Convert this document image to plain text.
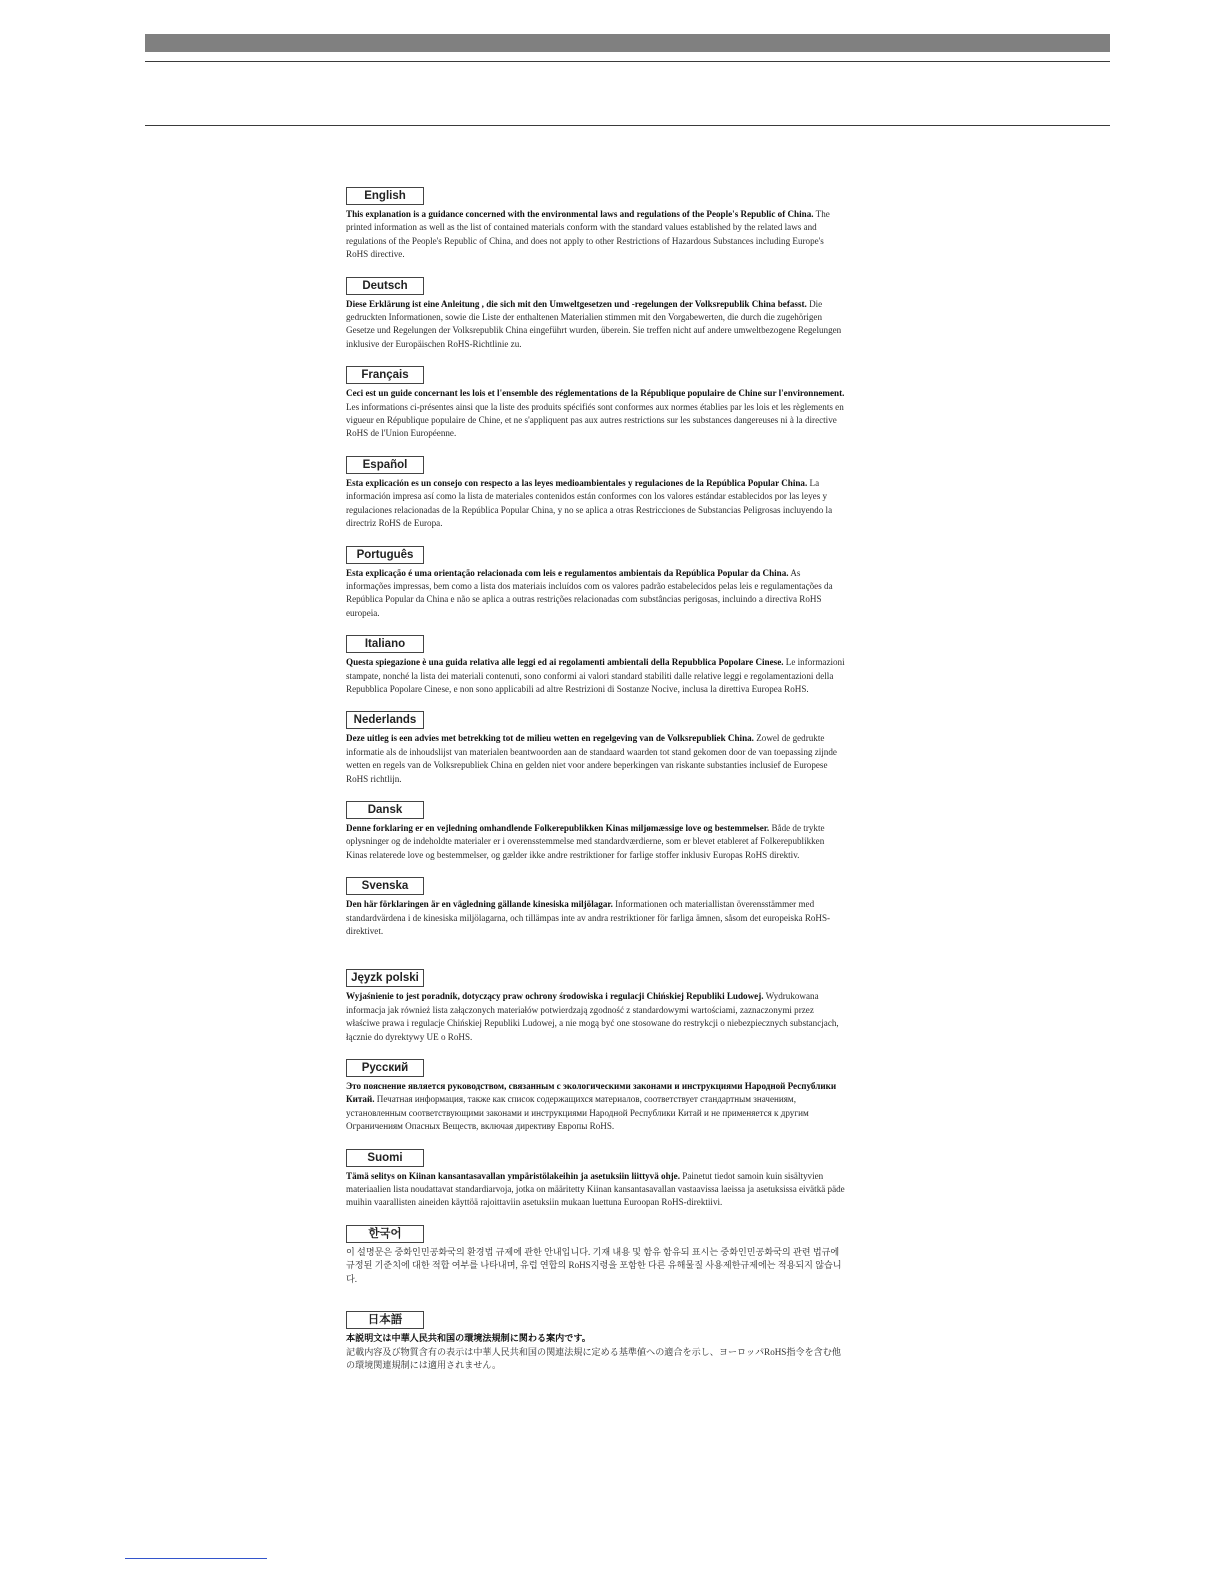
English

This explanation is a guidance concerned with the environmental laws and regulations of the People's Republic of China. The printed information as well as the list of contained materials conform with the standard values established by the related laws and regulations of the People's Republic of China, and does not apply to other Restrictions of Hazardous Substances including Europe's RoHS directive.

Deutsch

Diese Erklärung ist eine Anleitung , die sich mit den Umweltgesetzen und -regelungen der Volksrepublik China befasst. Die gedruckten Informationen, sowie die Liste der enthaltenen Materialien stimmen mit den Vorgabewerten, die durch die zugehörigen Gesetze und Regelungen der Volksrepublik China eingeführt wurden, überein. Sie treffen nicht auf andere umweltbezogene Regelungen inklusive der Europäischen RoHS-Richtlinie zu.

Français

Ceci est un guide concernant les lois et l'ensemble des réglementations de la République populaire de Chine sur l'environnement. Les informations ci-présentes ainsi que la liste des produits spécifiés sont conformes aux normes établies par les lois et les règlements en vigueur en République populaire de Chine, et ne s'appliquent pas aux autres restrictions sur les substances dangereuses ni à la directive RoHS de l'Union Européenne.

Español

Esta explicación es un consejo con respecto a las leyes medioambientales y regulaciones de la República Popular China. La información impresa así como la lista de materiales contenidos están conformes con los valores estándar establecidos por las leyes y regulaciones relacionadas de la República Popular China, y no se aplica a otras Restricciones de Substancias Peligrosas incluyendo la directriz RoHS de Europa.

Português

Esta explicação é uma orientação relacionada com leis e regulamentos ambientais da República Popular da China. As informações impressas, bem como a lista dos materiais incluídos com os valores padrão estabelecidos pelas leis e regulamentações da República Popular da China e não se aplica a outras restrições relacionadas com substâncias perigosas, incluindo a directiva RoHS europeia.

Italiano

Questa spiegazione è una guida relativa alle leggi ed ai regolamenti ambientali della Repubblica Popolare Cinese. Le informazioni stampate, nonché la lista dei materiali contenuti, sono conformi ai valori standard stabiliti dalle relative leggi e regolamentazioni della Repubblica Popolare Cinese, e non sono applicabili ad altre Restrizioni di Sostanze Nocive, inclusa la direttiva Europea RoHS.

Nederlands

Deze uitleg is een advies met betrekking tot de milieu wetten en regelgeving van de Volksrepubliek China. Zowel de gedrukte informatie als de inhoudslijst van materialen beantwoorden aan de standaard waarden tot stand gekomen door de van toepassing zijnde wetten en regels van de Volksrepubliek China en gelden niet voor andere beperkingen van riskante substanties inclusief de Europese RoHS richtlijn.

Dansk

Denne forklaring er en vejledning omhandlende Folkerepublikken Kinas miljømæssige love og bestemmelser. Både de trykte oplysninger og de indeholdte materialer er i overensstemmelse med standardværdierne, som er blevet etableret af Folkerepublikken Kinas relaterede love og bestemmelser, og gælder ikke andre restriktioner for farlige stoffer inklusiv Europas RoHS direktiv.

Svenska

Den här förklaringen är en vägledning gällande kinesiska miljölagar. Informationen och materiallistan överensstämmer med standardvärdena i de kinesiska miljölagarna, och tillämpas inte av andra restriktioner för farliga ämnen, såsom det europeiska RoHS-direktivet.

Jęyzk polski

Wyjaśnienie to jest poradnik, dotyczący praw ochrony środowiska i regulacji Chińskiej Republiki Ludowej. Wydrukowana informacja jak również lista załączonych materiałów potwierdzają zgodność z standardowymi wartościami, zaznaczonymi przez właściwe prawa i regulacje Chińskiej Republiki Ludowej, a nie mogą być one stosowane do restrykcji o niebezpiecznych substancjach, łącznie do dyrektywy UE o RoHS.

Русский

Это пояснение является руководством, связанным с экологическими законами и инструкциями Народной Республики Китай. Печатная информация, также как список содержащихся материалов, соответствует стандартным значениям, установленным соответствующими законами и инструкциями Народной Республики Китай и не применяется к другим Ограничениям Опасных Веществ, включая директиву Европы RoHS.

Suomi

Tämä selitys on Kiinan kansantasavallan ympäristölakeihin ja asetuksiin liittyvä ohje. Painetut tiedot samoin kuin sisältyvien materiaalien lista noudattavat standardiarvoja, jotka on määritetty Kiinan kansantasavallan vastaavissa laeissa ja asetuksissa eivätkä päde muihin vaarallisten aineiden käyttöä rajoittaviin asetuksiin mukaan luettuna Euroopan RoHS-direktiivi.

한국어

이 설명문은 중화인민공화국의 환경법 규제에 관한 안내입니다. 기재 내용 및 함유 함유되 표시는 중화인민공화국의 관련 법규에 규정된 기준치에 대한 적합 여부를 나타내며, 유럽 연합의 RoHS지령을 포함한 다른 유해물질 사용제한규제에는 적용되지 않습니다.

日本語

本説明文は中華人民共和国の環境法規制に関わる案内です。
記載内容及び物質含有の表示は中華人民共和国の関連法規に定める基準値への適合を示し、ヨーロッパRoHS指令を含む他の環境関連規制には適用されません。
